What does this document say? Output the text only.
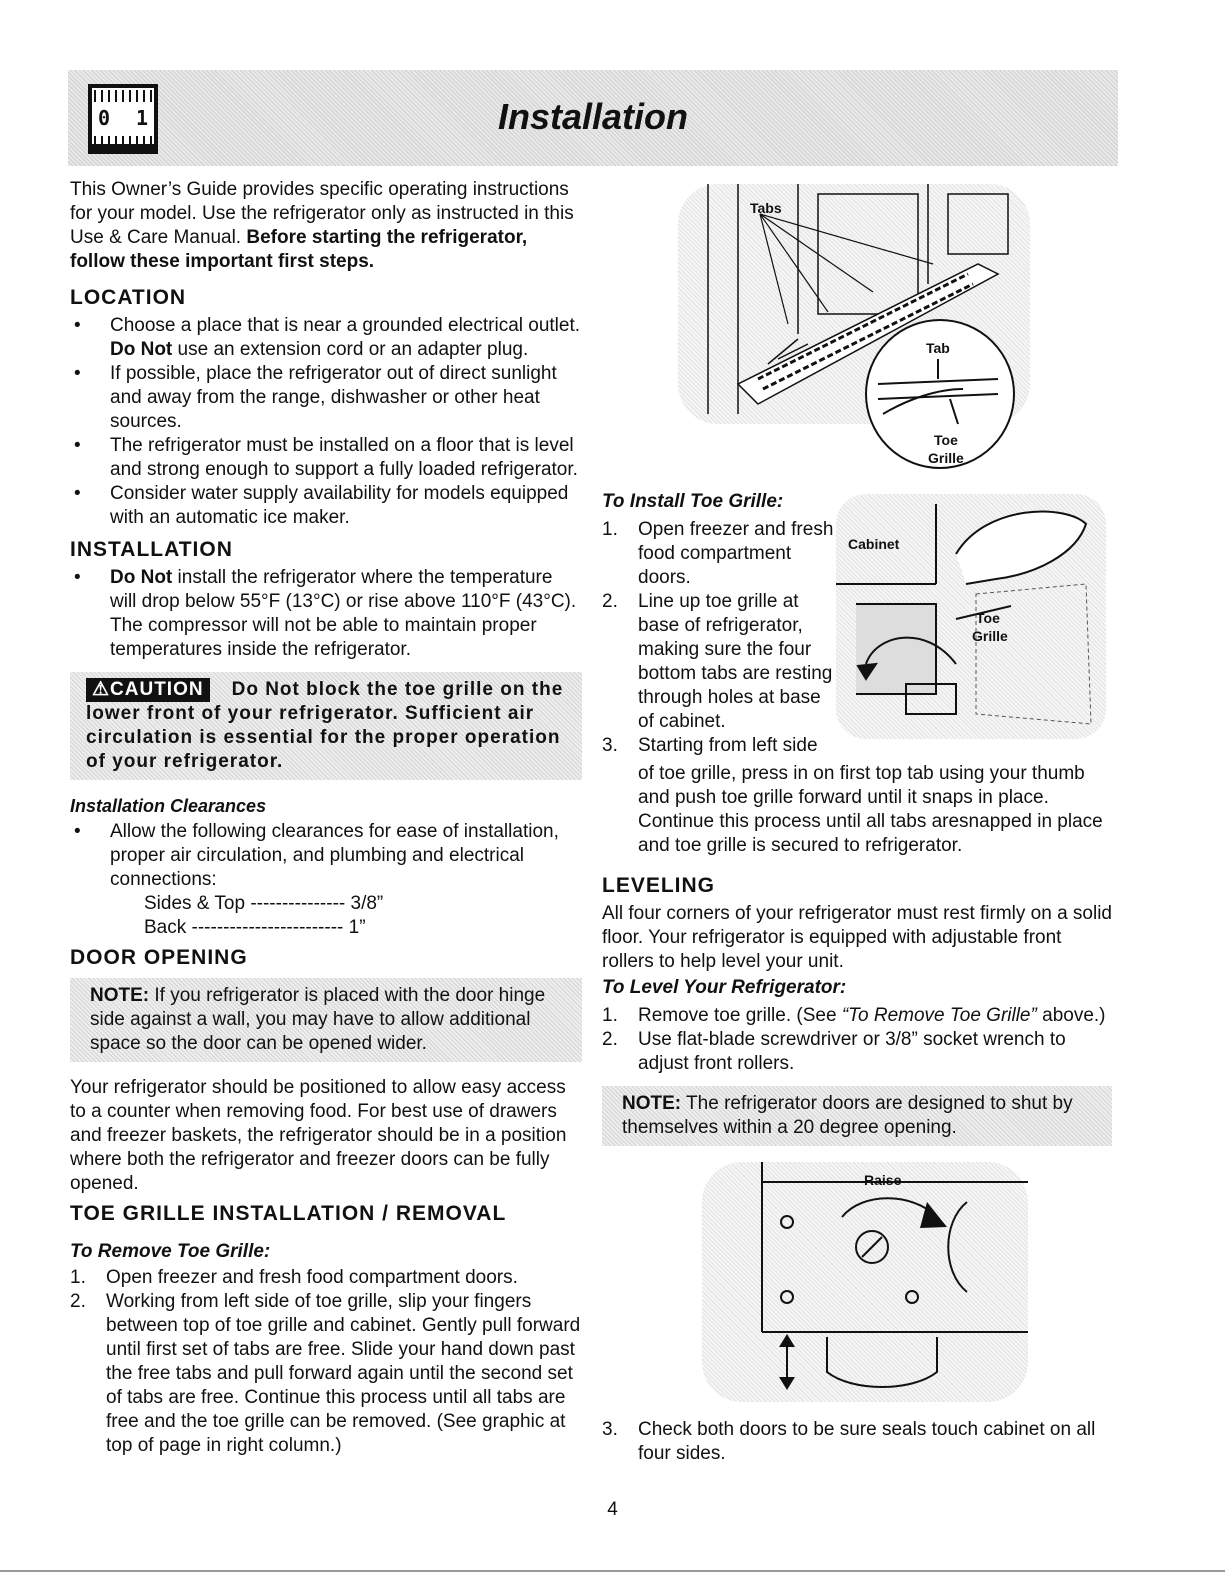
0 1	Installation

This Owner’s Guide provides specific operating instructions for your model. Use the refrigerator only as instructed in this Use & Care Manual. Before starting the refrigerator, follow these important first steps.

LOCATION
• Choose a place that is near a grounded electrical outlet. Do Not use an extension cord or an adapter plug.
• If possible, place the refrigerator out of direct sunlight and away from the range, dishwasher or other heat sources.
• The refrigerator must be installed on a floor that is level and strong enough to support a fully loaded refrigerator.
• Consider water supply availability for models equipped with an automatic ice maker.
INSTALLATION
• Do Not install the refrigerator where the temperature will drop below 55°F (13°C) or rise above 110°F (43°C). The compressor will not be able to maintain proper temperatures inside the refrigerator.
⚠CAUTION Do Not block the toe grille on the lower front of your refrigerator. Sufficient air circulation is essential for the proper operation of your refrigerator.
Installation Clearances
• Allow the following clearances for ease of installation, proper air circulation, and plumbing and electrical connections:
Sides & Top --------------- 3/8”
Back ------------------------ 1”
DOOR OPENING
NOTE: If you refrigerator is placed with the door hinge side against a wall, you may have to allow additional space so the door can be opened wider.

Your refrigerator should be positioned to allow easy access to a counter when removing food. For best use of drawers and freezer baskets, the refrigerator should be in a position where both the refrigerator and freezer doors can be fully opened.

TOE GRILLE INSTALLATION / REMOVAL
To Remove Toe Grille:
1. Open freezer and fresh food compartment doors.
2. Working from left side of toe grille, slip your fingers between top of toe grille and cabinet. Gently pull forward until first set of tabs are free. Slide your hand down past the free tabs and pull forward again until the second set of tabs are free. Continue this process until all tabs are free and the toe grille can be removed. (See graphic at top of page in right column.)
Tabs
Tab
Toe
Grille
To Install Toe Grille:
1. Open freezer and fresh food compartment doors.
2. Line up toe grille at base of refrigerator, making sure the four bottom tabs are resting through holes at base of cabinet.
3. Starting from left side
Cabinet
Toe
Grille

of toe grille, press in on first top tab using your thumb and push toe grille forward until it snaps in place. Continue this process until all tabs aresnapped in place and toe grille is secured to refrigerator.

LEVELING

All four corners of your refrigerator must rest firmly on a solid floor. Your refrigerator is equipped with adjustable front rollers to help level your unit.

To Level Your Refrigerator:
1. Remove toe grille. (See “To Remove Toe Grille” above.)
2. Use flat-blade screwdriver or 3/8” socket wrench to adjust front rollers.
NOTE: The refrigerator doors are designed to shut by themselves within a 20 degree opening.
Raise
3. Check both doors to be sure seals touch cabinet on all four sides.
4
